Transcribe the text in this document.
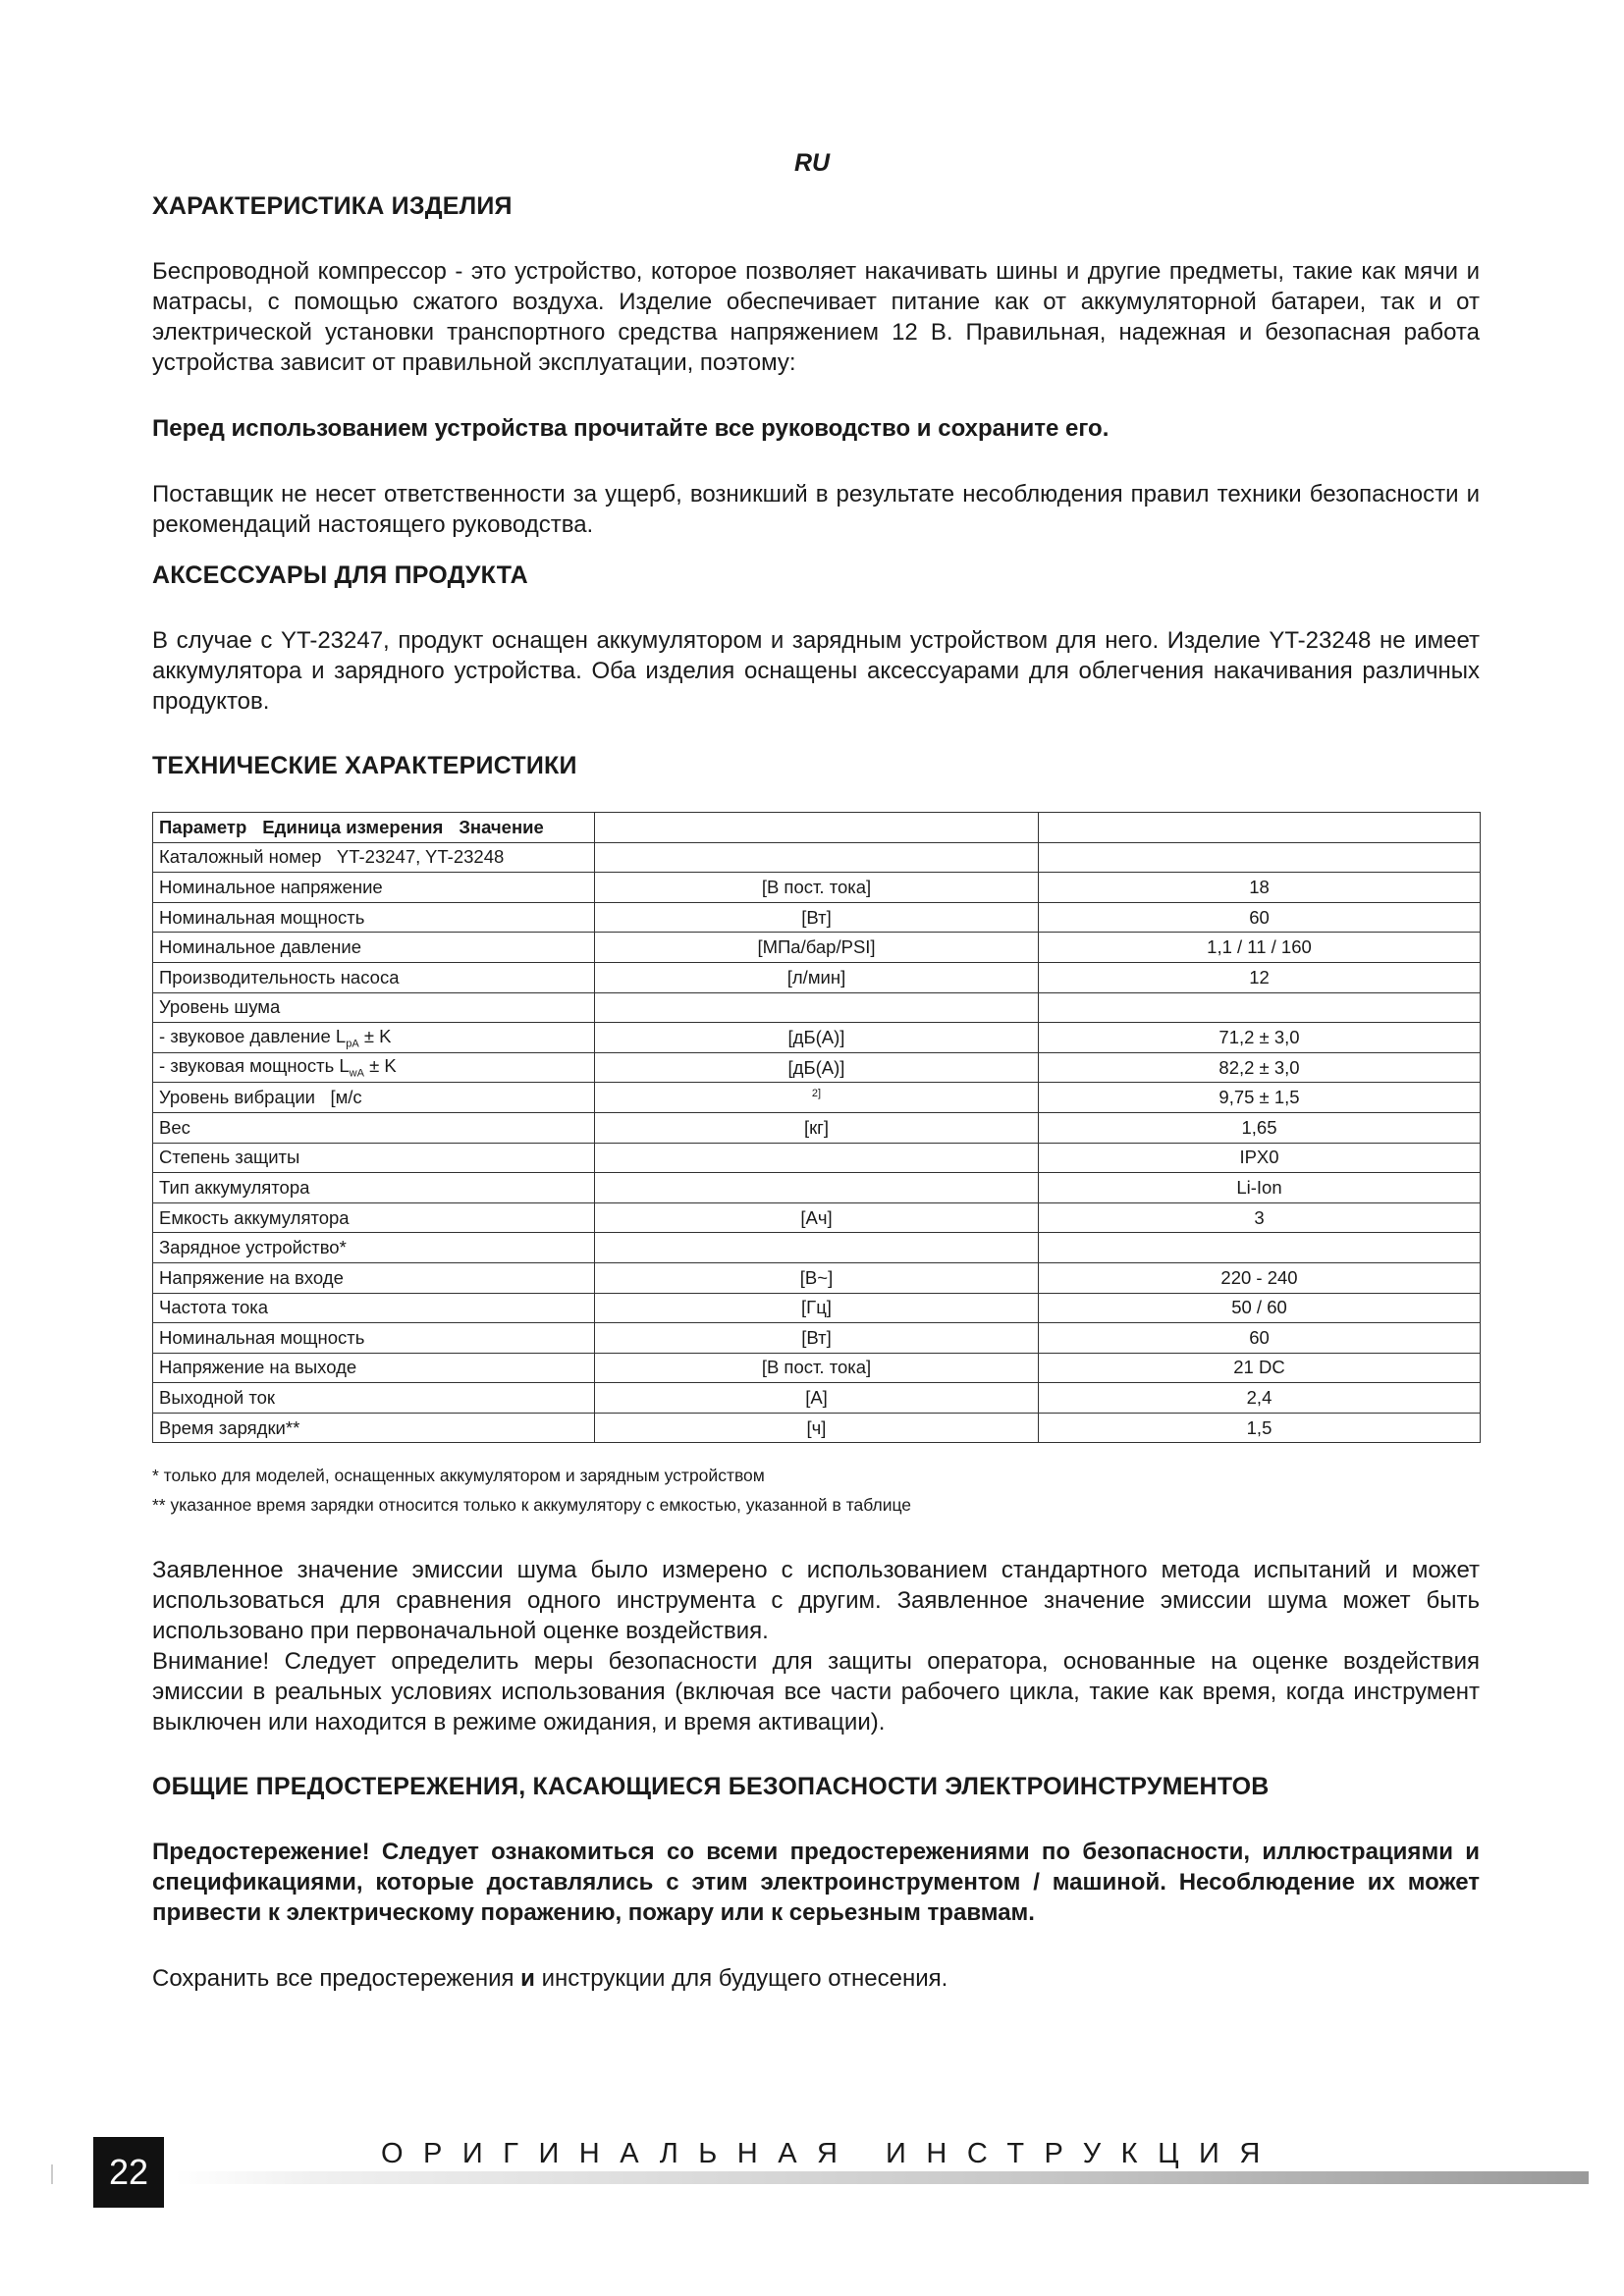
RU
ХАРАКТЕРИСТИКА ИЗДЕЛИЯ

Беспроводной компрессор - это устройство, которое позволяет накачивать шины и другие предметы, такие как мячи и матрасы, с помощью сжатого воздуха. Изделие обеспечивает питание как от аккумуляторной батареи, так и от электрической установки транспортного средства напряжением 12 В. Правильная, надежная и безопасная работа устройства зависит от правильной эксплуатации, поэтому:

Перед использованием устройства прочитайте все руководство и сохраните его.

Поставщик не несет ответственности за ущерб, возникший в результате несоблюдения правил техники безопасности и рекомендаций настоящего руководства.

АКСЕССУАРЫ ДЛЯ ПРОДУКТА

В случае с YT-23247, продукт оснащен аккумулятором и зарядным устройством для него. Изделие YT-23248 не имеет аккумулятора и зарядного устройства. Оба изделия оснащены аксессуарами для облегчения накачивания различных продуктов.

ТЕХНИЧЕСКИЕ ХАРАКТЕРИСТИКИ
Параметр Единица измерения Значение		
Каталожный номер YT-23247, YT-23248		
Номинальное напряжение	[В пост. тока]	18
Номинальная мощность	[Вт]	60
Номинальное давление	[МПа/бар/PSI]	1,1 / 11 / 160
Производительность насоса	[л/мин]	12
Уровень шума		
- звуковое давление $L_{pA} \pm K$	[дБ(A)]	71,2 ± 3,0
- звуковая мощность $L_{wA} \pm K$	[дБ(A)]	82,2 ± 3,0
Уровень вибрации [м/с	$^{2]}$	9,75 ± 1,5
Вес	[кг]	1,65
Степень защиты		IPX0
Тип аккумулятора		Li-Ion
Емкость аккумулятора	[Ач]	3
Зарядное устройство*		
Напряжение на входе	[В~]	220 - 240
Частота тока	[Гц]	50 / 60
Номинальная мощность	[Вт]	60
Напряжение на выходе	[В пост. тока]	21 DC
Выходной ток	[A]	2,4
Время зарядки**	[ч]	1,5
* только для моделей, оснащенных аккумулятором и зарядным устройством
** указанное время зарядки относится только к аккумулятору с емкостью, указанной в таблице

Заявленное значение эмиссии шума было измерено с использованием стандартного метода испытаний и может использоваться для сравнения одного инструмента с другим. Заявленное значение эмиссии шума может быть использовано при первоначальной оценке воздействия.

Внимание! Следует определить меры безопасности для защиты оператора, основанные на оценке воздействия эмиссии в реальных условиях использования (включая все части рабочего цикла, такие как время, когда инструмент выключен или находится в режиме ожидания, и время активации).

ОБЩИЕ ПРЕДОСТЕРЕЖЕНИЯ, КАСАЮЩИЕСЯ БЕЗОПАСНОСТИ ЭЛЕКТРОИНСТРУМЕНТОВ

Предостережение! Следует ознакомиться со всеми предостережениями по безопасности, иллюстрациями и спецификациями, которые доставлялись с этим электроинструментом / машиной. Несоблюдение их может привести к электрическому поражению, пожару или к серьезным травмам.

Сохранить все предостережения и инструкции для будущего отнесения.

22	ОРИГИНАЛЬНАЯ ИНСТРУКЦИЯ
